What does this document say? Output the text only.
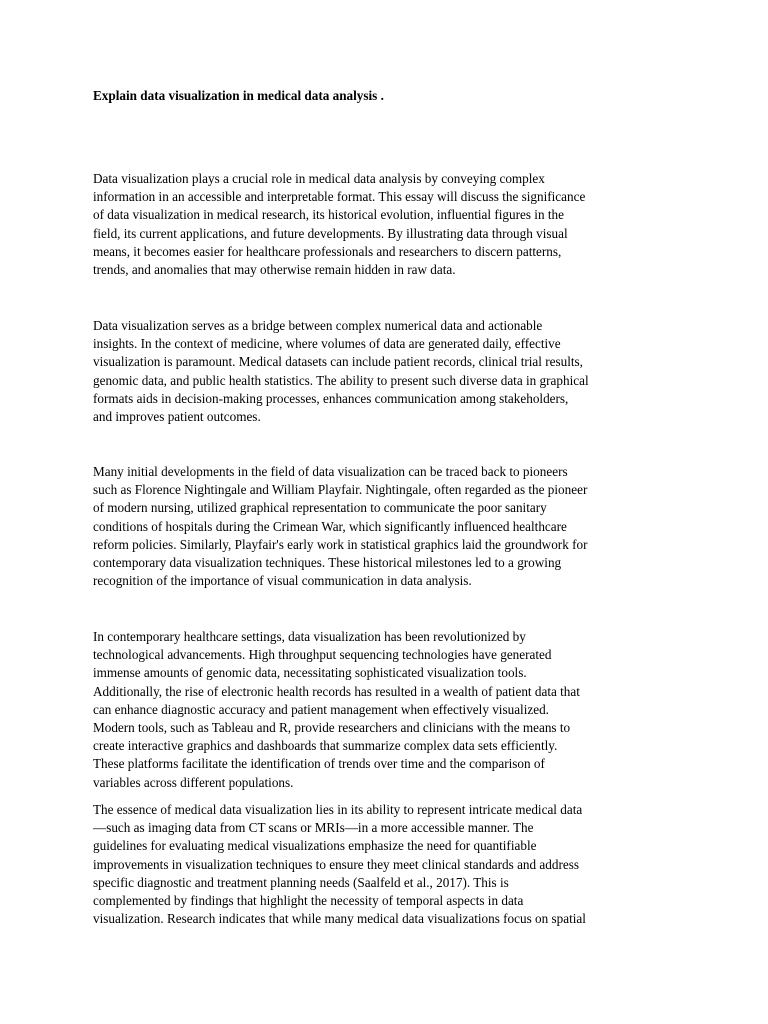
Explain data visualization in medical data analysis .

Data visualization plays a crucial role in medical data analysis by conveying complex
information in an accessible and interpretable format. This essay will discuss the significance
of data visualization in medical research, its historical evolution, influential figures in the
field, its current applications, and future developments. By illustrating data through visual
means, it becomes easier for healthcare professionals and researchers to discern patterns,
trends, and anomalies that may otherwise remain hidden in raw data.

Data visualization serves as a bridge between complex numerical data and actionable
insights. In the context of medicine, where volumes of data are generated daily, effective
visualization is paramount. Medical datasets can include patient records, clinical trial results,
genomic data, and public health statistics. The ability to present such diverse data in graphical
formats aids in decision-making processes, enhances communication among stakeholders,
and improves patient outcomes.

Many initial developments in the field of data visualization can be traced back to pioneers
such as Florence Nightingale and William Playfair. Nightingale, often regarded as the pioneer
of modern nursing, utilized graphical representation to communicate the poor sanitary
conditions of hospitals during the Crimean War, which significantly influenced healthcare
reform policies. Similarly, Playfair's early work in statistical graphics laid the groundwork for
contemporary data visualization techniques. These historical milestones led to a growing
recognition of the importance of visual communication in data analysis.

In contemporary healthcare settings, data visualization has been revolutionized by
technological advancements. High throughput sequencing technologies have generated
immense amounts of genomic data, necessitating sophisticated visualization tools.
Additionally, the rise of electronic health records has resulted in a wealth of patient data that
can enhance diagnostic accuracy and patient management when effectively visualized.
Modern tools, such as Tableau and R, provide researchers and clinicians with the means to
create interactive graphics and dashboards that summarize complex data sets efficiently.
These platforms facilitate the identification of trends over time and the comparison of
variables across different populations.

The essence of medical data visualization lies in its ability to represent intricate medical data
—such as imaging data from CT scans or MRIs—in a more accessible manner. The
guidelines for evaluating medical visualizations emphasize the need for quantifiable
improvements in visualization techniques to ensure they meet clinical standards and address
specific diagnostic and treatment planning needs (Saalfeld et al., 2017). This is
complemented by findings that highlight the necessity of temporal aspects in data
visualization. Research indicates that while many medical data visualizations focus on spatial
